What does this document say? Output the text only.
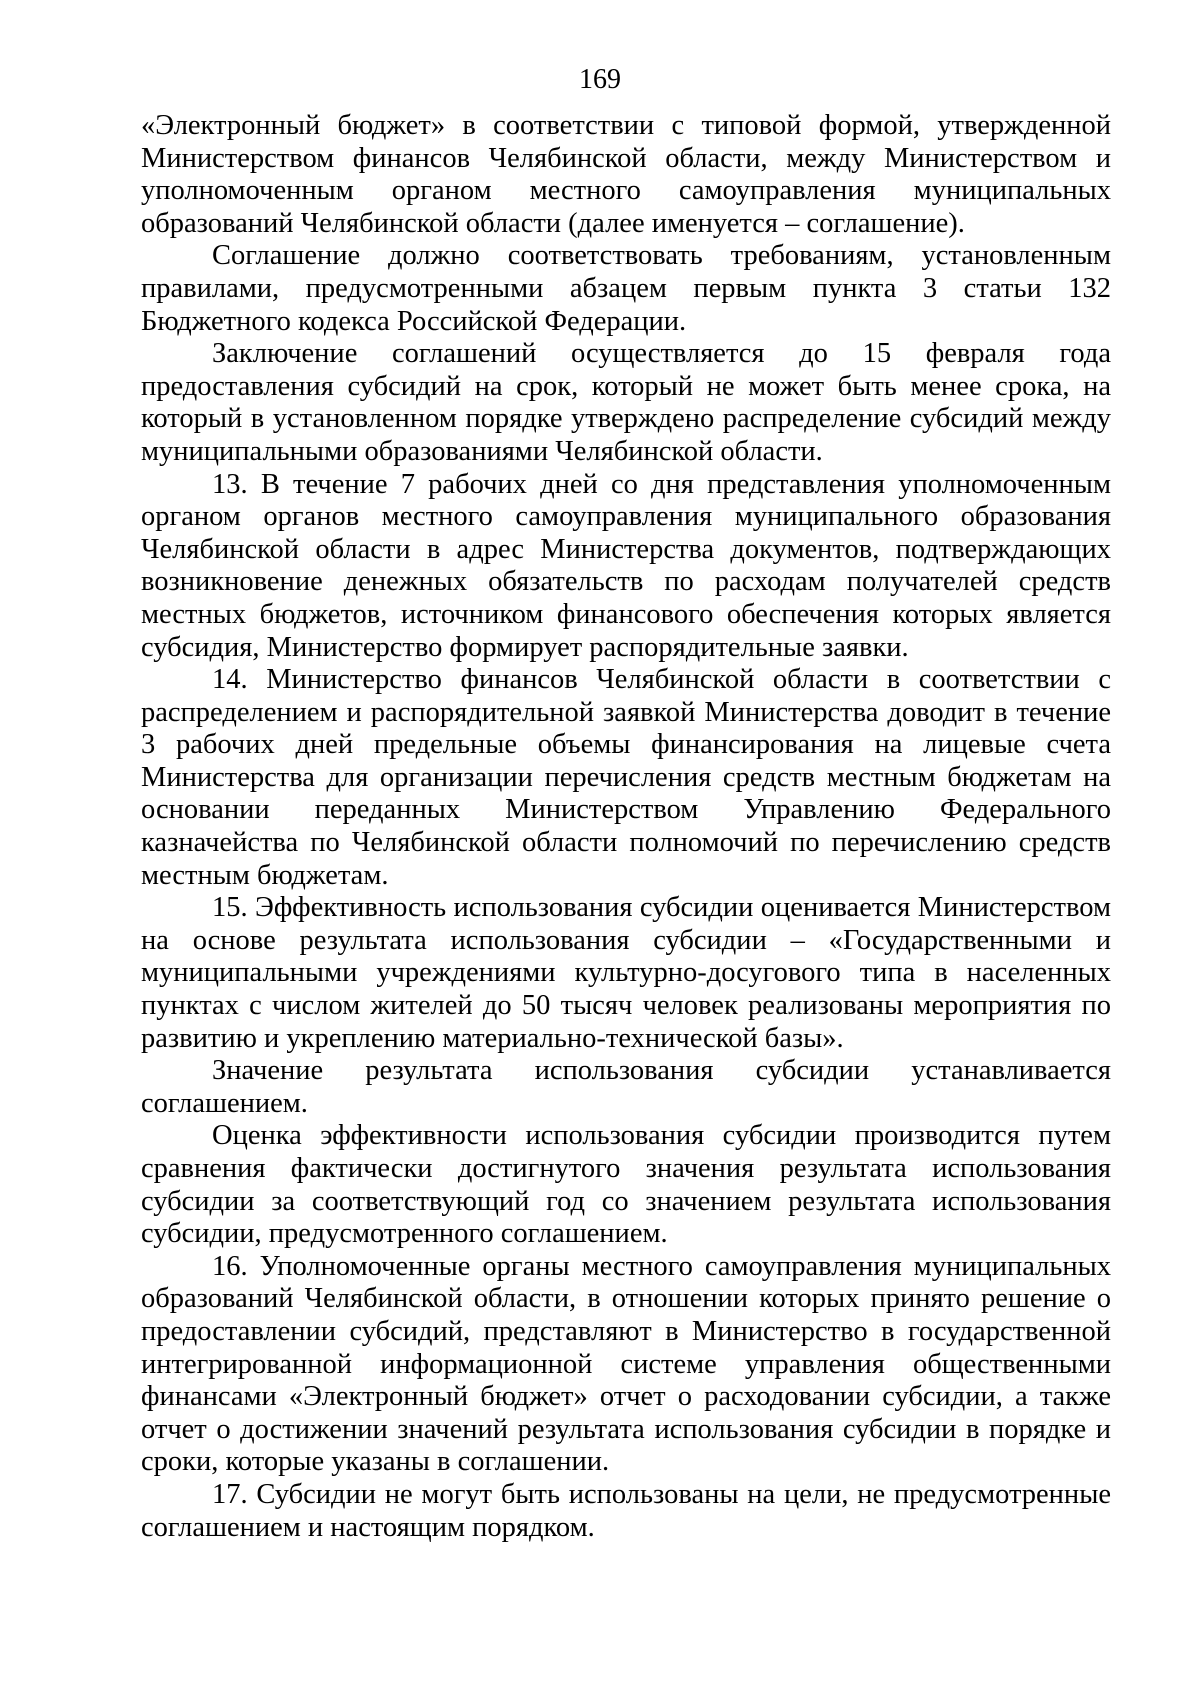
169

«Электронный бюджет» в соответствии с типовой формой, утвержденной Министерством финансов Челябинской области, между Министерством и уполномоченным органом местного самоуправления муниципальных образований Челябинской области (далее именуется – соглашение).

Соглашение должно соответствовать требованиям, установленным правилами, предусмотренными абзацем первым пункта 3 статьи 132 Бюджетного кодекса Российской Федерации.

Заключение соглашений осуществляется до 15 февраля года предоставления субсидий на срок, который не может быть менее срока, на который в установленном порядке утверждено распределение субсидий между муниципальными образованиями Челябинской области.

13. В течение 7 рабочих дней со дня представления уполномоченным органом органов местного самоуправления муниципального образования Челябинской области в адрес Министерства документов, подтверждающих возникновение денежных обязательств по расходам получателей средств местных бюджетов, источником финансового обеспечения которых является субсидия, Министерство формирует распорядительные заявки.

14. Министерство финансов Челябинской области в соответствии с распределением и распорядительной заявкой Министерства доводит в течение 3 рабочих дней предельные объемы финансирования на лицевые счета Министерства для организации перечисления средств местным бюджетам на основании переданных Министерством Управлению Федерального казначейства по Челябинской области полномочий по перечислению средств местным бюджетам.

15. Эффективность использования субсидии оценивается Министерством на основе результата использования субсидии – «Государственными и муниципальными учреждениями культурно-досугового типа в населенных пунктах с числом жителей до 50 тысяч человек реализованы мероприятия по развитию и укреплению материально-технической базы».

Значение результата использования субсидии устанавливается соглашением.

Оценка эффективности использования субсидии производится путем сравнения фактически достигнутого значения результата использования субсидии за соответствующий год со значением результата использования субсидии, предусмотренного соглашением.

16. Уполномоченные органы местного самоуправления муниципальных образований Челябинской области, в отношении которых принято решение о предоставлении субсидий, представляют в Министерство в государственной интегрированной информационной системе управления общественными финансами «Электронный бюджет» отчет о расходовании субсидии, а также отчет о достижении значений результата использования субсидии в порядке и сроки, которые указаны в соглашении.

17. Субсидии не могут быть использованы на цели, не предусмотренные соглашением и настоящим порядком.
